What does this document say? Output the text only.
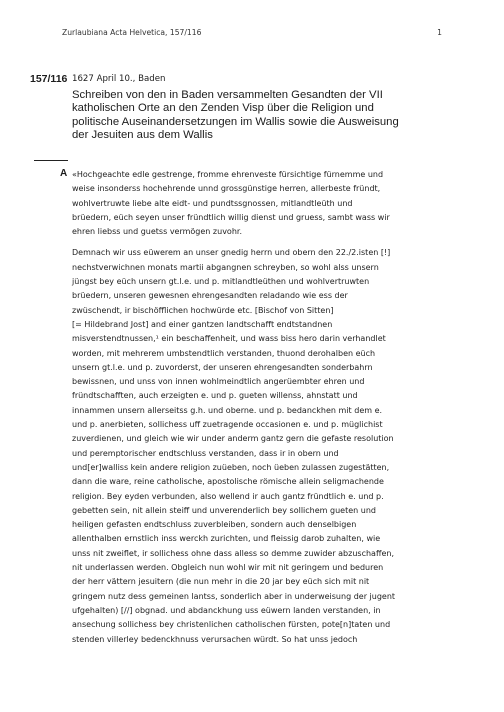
Zurlaubiana Acta Helvetica, 157/116	1
157/116 1627 April 10., Baden
Schreiben von den in Baden versammelten Gesandten der VII
katholischen Orte an den Zenden Visp über die Religion und
politische Auseinandersetzungen im Wallis sowie die Ausweisung
der Jesuiten aus dem Wallis
A «Hochgeachte edle gestrenge, fromme ehrenveste fürsichtige fürnemme und
weise insonderss hochehrende unnd grossgünstige herren, allerbeste fründt,
wohlvertruwte liebe alte eidt- und pundtssgnossen, mitlandtleüth und
brüedern, eüch seyen unser fründtlich willig dienst und gruess, sambt wass wir
ehren liebss und guetss vermögen zuvohr.

Demnach wir uss eüwerem an unser gnedig herrn und obern den 22./2.isten [!]
nechstverwichnen monats martii abgangnen schreyben, so wohl alss unsern
jüngst bey eüch unsern gt.l.e. und p. mitlandtleüthen und wohlvertruwten
brüedern, unseren gewesnen ehrengesandten reladando wie ess der
zwüschendt, ir bischöfflichen hochwürde etc. [Bischof von Sitten]
[= Hildebrand Jost] and einer gantzen landtschafft endtstandnen
misverstendtnussen,¹ ein beschaffenheit, und wass biss hero darin verhandlet
worden, mit mehrerem umbstendtlich verstanden, thuond derohalben eüch
unsern gt.l.e. und p. zuvorderst, der unseren ehrengesandten sonderbahrn
bewissnen, und unss von innen wohlmeindtlich angerüembter ehren und
fründtschafften, auch erzeigten e. und p. gueten willenss, ahnstatt und
innammen unsern allerseitss g.h. und oberne. und p. bedanckhen mit dem e.
und p. anerbieten, sollichess uff zuetragende occasionen e. und p. müglichist
zuverdienen, und gleich wie wir under anderm gantz gern die gefaste resolution
und peremptorischer endtschluss verstanden, dass ir in obern und
und[er]walliss kein andere religion zuüeben, noch üeben zulassen zugestätten,
dann die ware, reine catholische, apostolische römische allein seligmachende
religion. Bey eyden verbunden, also wellend ir auch gantz fründtlich e. und p.
gebetten sein, nit allein steiff und unverenderlich bey sollichem gueten und
heiligen gefasten endtschluss zuverbleiben, sondern auch denselbigen
allenthalben ernstlich inss werckh zurichten, und fleissig darob zuhalten, wie
unss nit zweiflet, ir sollichess ohne dass alless so demme zuwider abzuschaffen,
nit underlassen werden. Obgleich nun wohl wir mit nit geringem und beduren
der herr vättern jesuitern (die nun mehr in die 20 jar bey eüch sich mit nit
gringem nutz dess gemeinen lantss, sonderlich aber in underweisung der jugent
ufgehalten) [//] obgnad. und abdanckhung uss eüwern landen verstanden, in
ansechung sollichess bey christenlichen catholischen fürsten, pote[n]taten und
stenden villerley bedenckhnuss verursachen würdt. So hat unss jedoch
